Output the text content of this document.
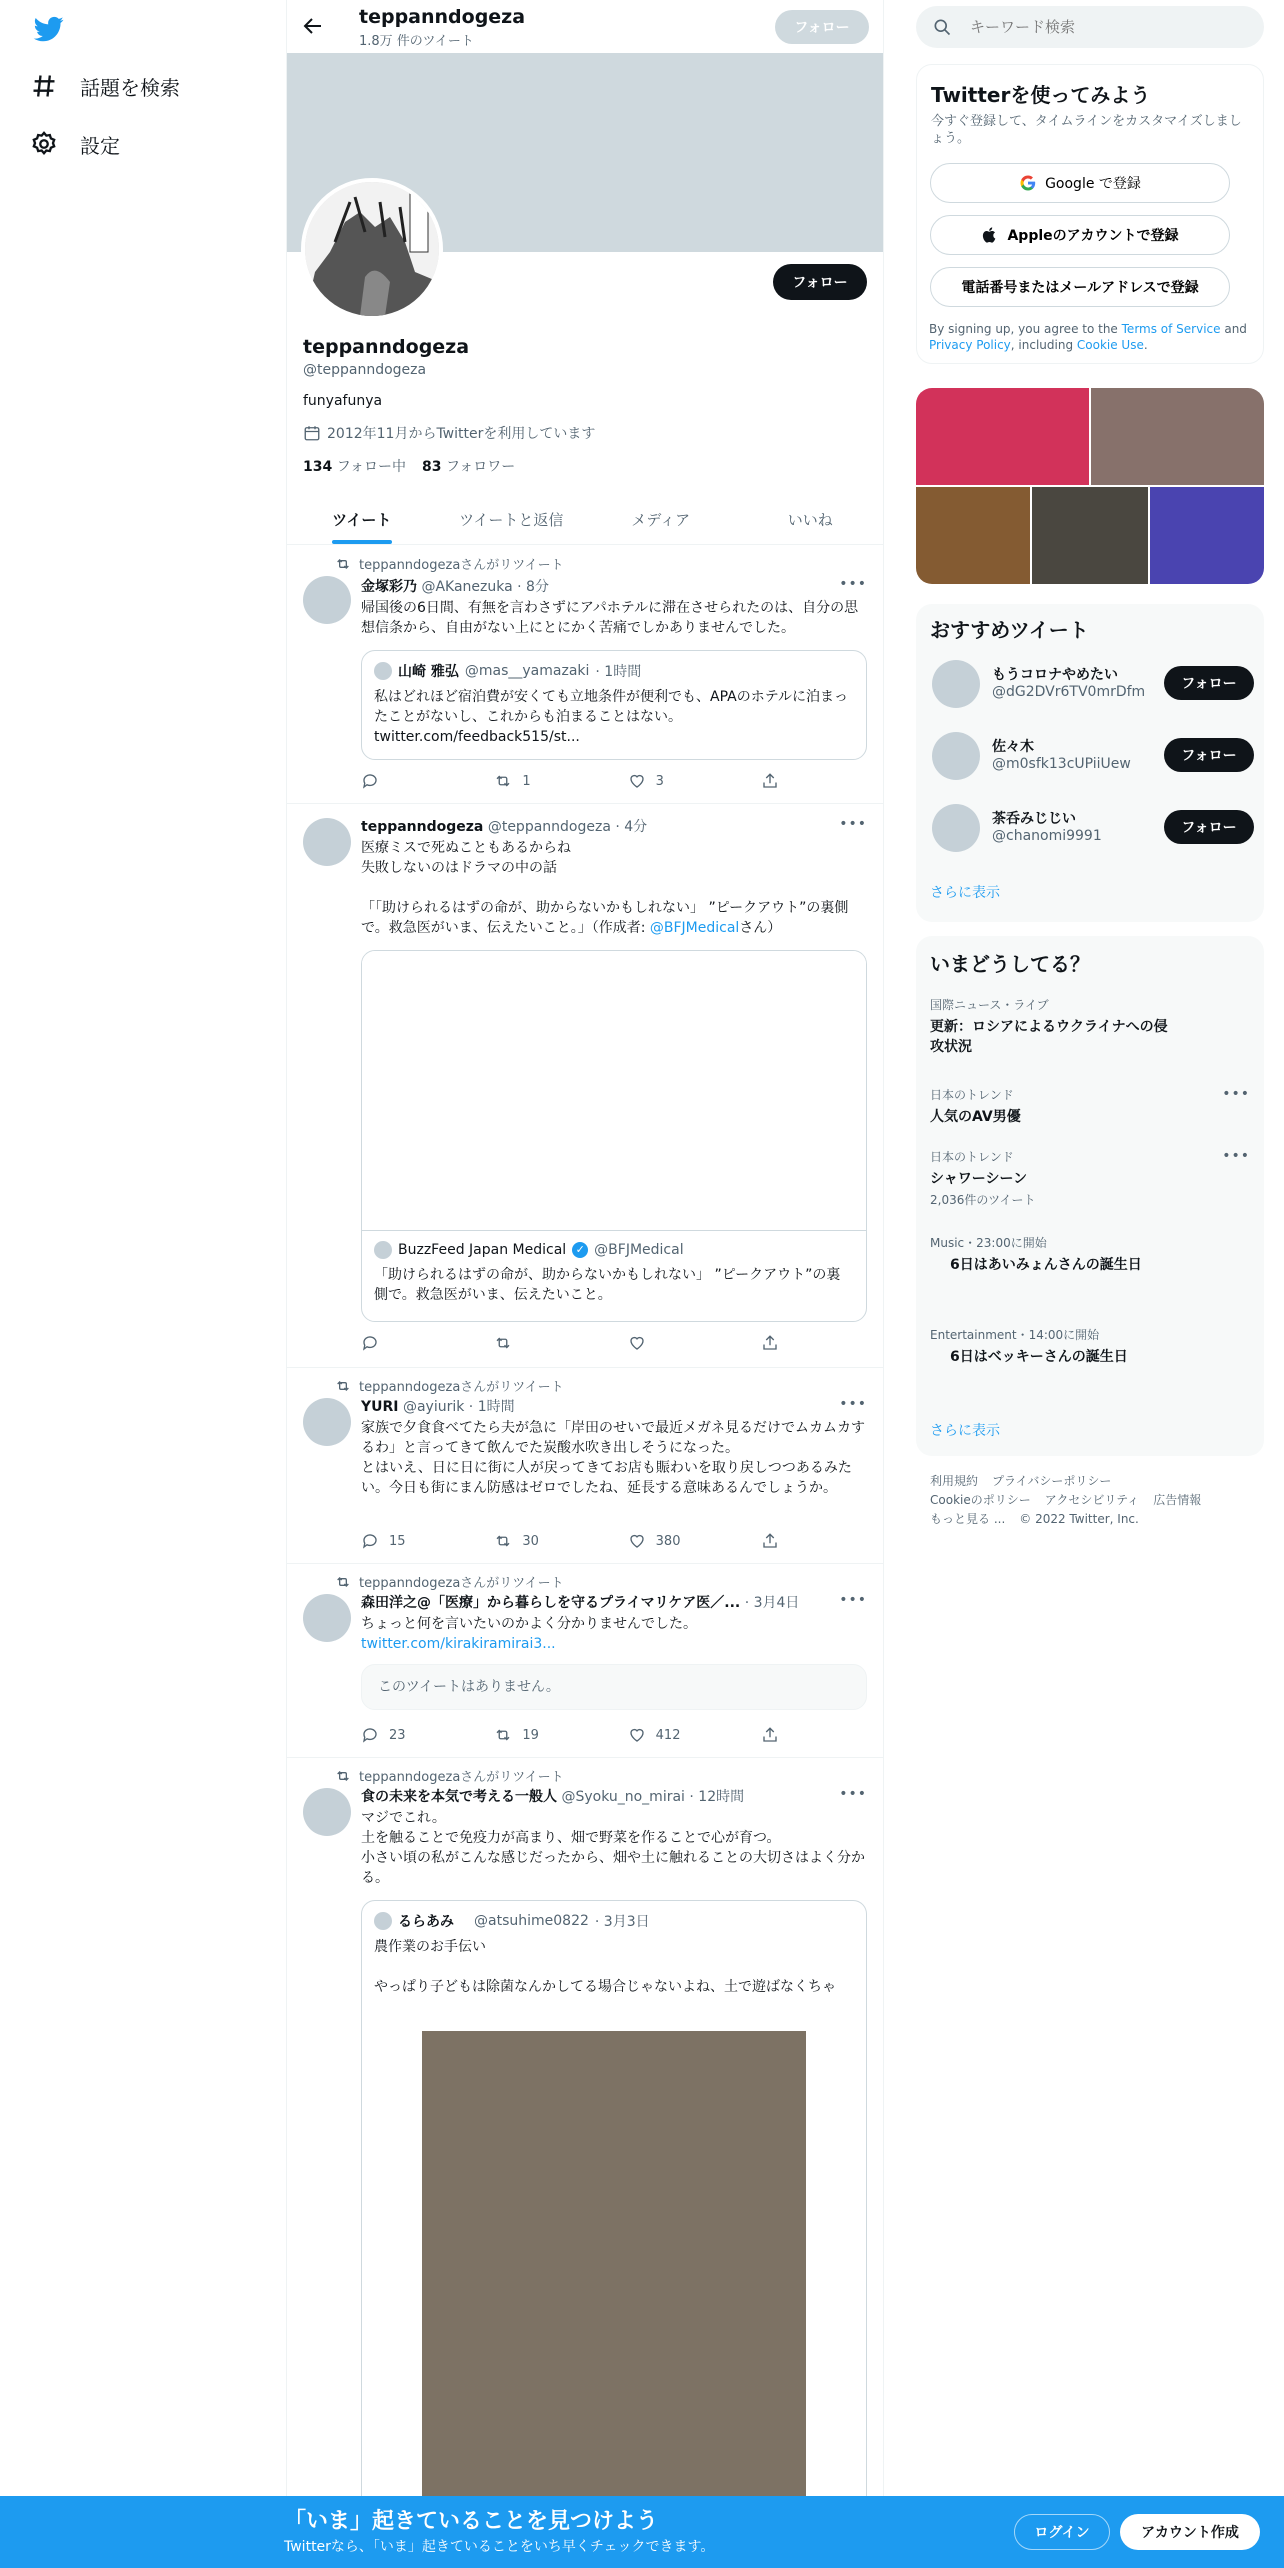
話題を検索
設定
teppanndogeza
1.8万 件のツイート
フォロー
フォロー
teppanndogeza
@teppanndogeza
funyafunya
2012年11月からTwitterを利用しています
134 フォロー中 83 フォロワー
ツイート	ツイートと返信	メディア	いいね
teppanndogezaさんがリツイート
金塚彩乃 @AKanezuka · 8分	•••
帰国後の6日間、有無を言わさずにアパホテルに滞在させられたのは、自分の思想信条から、自由がない上にとにかく苦痛でしかありませんでした。
山崎 雅弘 @mas__yamazaki · 1時間
私はどれほど宿泊費が安くても立地条件が便利でも、APAのホテルに泊まったことがないし、これからも泊まることはない。twitter.com/feedback515/st...
1	3
teppanndogeza @teppanndogeza · 4分	•••
医療ミスで死ぬこともあるからね
失敗しないのはドラマの中の話
「「助けられるはずの命が、助からないかもしれない」 ”ピークアウト”の裏側で。救急医がいま、伝えたいこと。」（作成者: @BFJMedicalさん）
BuzzFeed Japan Medical ✓ @BFJMedical
「助けられるはずの命が、助からないかもしれない」 ”ピークアウト”の裏側で。救急医がいま、伝えたいこと。
teppanndogezaさんがリツイート
YURI @ayiurik · 1時間	•••
家族で夕食食べてたら夫が急に「岸田のせいで最近メガネ見るだけでムカムカするわ」と言ってきて飲んでた炭酸水吹き出しそうになった。
とはいえ、日に日に街に人が戻ってきてお店も賑わいを取り戻しつつあるみたい。今日も街にまん防感はゼロでしたね、延長する意味あるんでしょうか。
15	30	380
teppanndogezaさんがリツイート
森田洋之@「医療」から暮らしを守るプライマリケア医／... · 3月4日	•••
ちょっと何を言いたいのかよく分かりませんでした。
twitter.com/kirakiramirai3...
このツイートはありません。
23	19	412
teppanndogezaさんがリツイート
食の未来を本気で考える一般人 @Syoku_no_mirai · 12時間	•••
マジでこれ。
土を触ることで免疫力が高まり、畑で野菜を作ることで心が育つ。
小さい頃の私がこんな感じだったから、畑や土に触れることの大切さはよく分かる。
るらあみ @atsuhime0822 · 3月3日
農作業のお手伝い
やっぱり子どもは除菌なんかしてる場合じゃないよね、土で遊ばなくちゃ
キーワード検索
Twitterを使ってみよう
今すぐ登録して、タイムラインをカスタマイズしましょう。
Google で登録
Appleのアカウントで登録
電話番号またはメールアドレスで登録
By signing up, you agree to the Terms of Service and Privacy Policy, including Cookie Use.
おすすめツイート
もうコロナやめたい
@dG2DVr6TV0mrDfm	フォロー
佐々木
@m0sfk13cUPiiUew	フォロー
茶呑みじじい
@chanomi9991	フォロー
さらに表示
いまどうしてる？
国際ニュース・ライブ
更新：ロシアによるウクライナへの侵攻状況
日本のトレンド
人気のAV男優
•••
日本のトレンド
シャワーシーン
2,036件のツイート
•••
Music・23:00に開始
6日はあいみょんさんの誕生日
Entertainment・14:00に開始
6日はベッキーさんの誕生日
さらに表示
利用規約 プライバシーポリシー
Cookieのポリシー アクセシビリティ 広告情報
もっと見る ... © 2022 Twitter, Inc.
「いま」起きていることを見つけよう
Twitterなら、「いま」起きていることをいち早くチェックできます。
ログイン	アカウント作成
